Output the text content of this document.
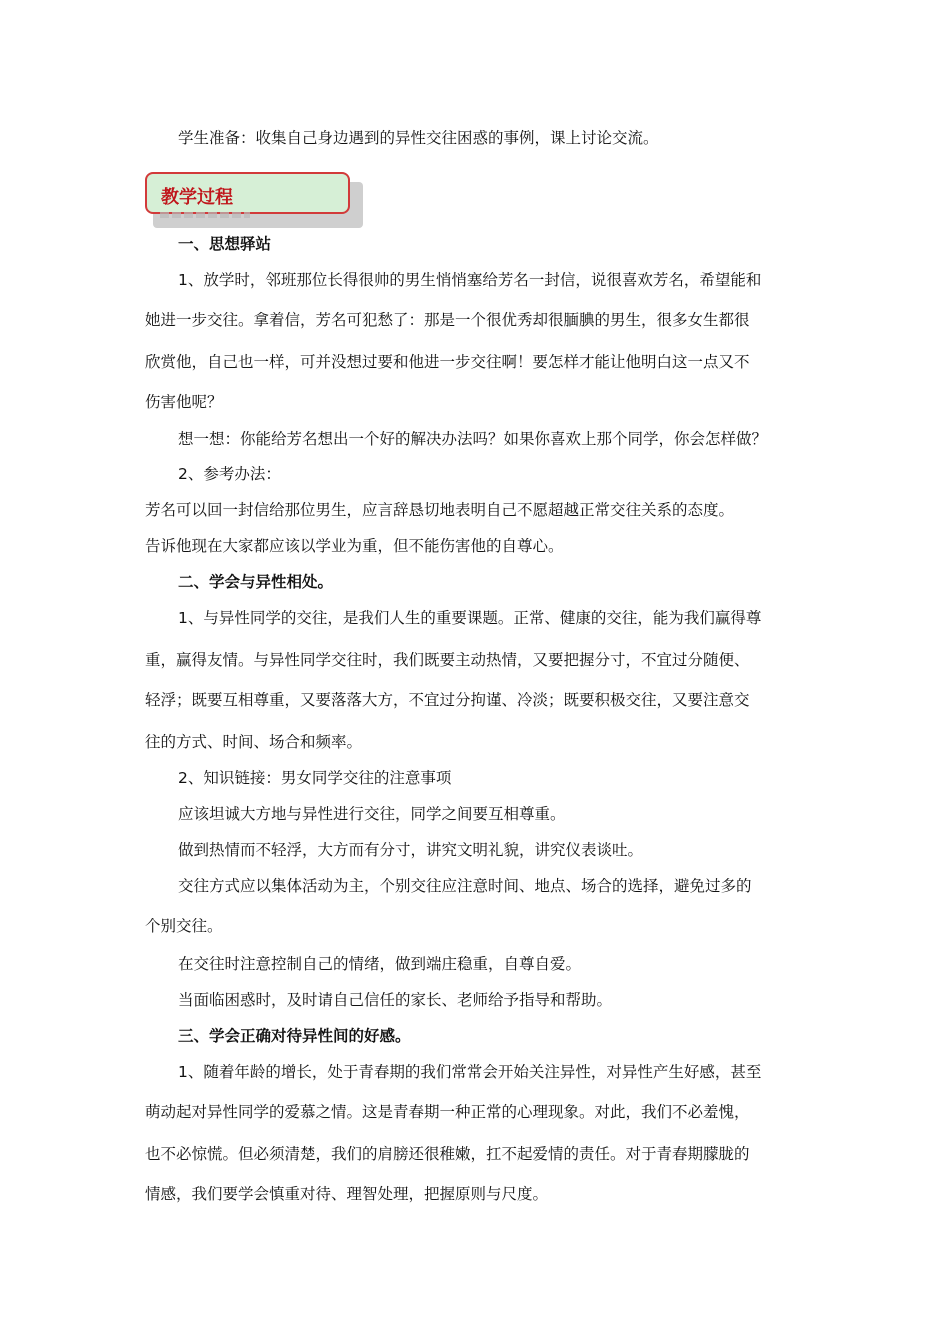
学生准备：收集自己身边遇到的异性交往困惑的事例，课上讨论交流。
教学过程
一、思想驿站
1、放学时，邻班那位长得很帅的男生悄悄塞给芳名一封信，说很喜欢芳名，希望能和
她进一步交往。拿着信，芳名可犯愁了：那是一个很优秀却很腼腆的男生，很多女生都很
欣赏他，自己也一样，可并没想过要和他进一步交往啊！要怎样才能让他明白这一点又不
伤害他呢？
想一想：你能给芳名想出一个好的解决办法吗？如果你喜欢上那个同学，你会怎样做？
2、参考办法：
芳名可以回一封信给那位男生，应言辞恳切地表明自己不愿超越正常交往关系的态度。
告诉他现在大家都应该以学业为重，但不能伤害他的自尊心。
二、学会与异性相处。
1、与异性同学的交往，是我们人生的重要课题。正常、健康的交往，能为我们赢得尊
重，赢得友情。与异性同学交往时，我们既要主动热情，又要把握分寸，不宜过分随便、
轻浮；既要互相尊重，又要落落大方，不宜过分拘谨、冷淡；既要积极交往，又要注意交
往的方式、时间、场合和频率。
2、知识链接：男女同学交往的注意事项
应该坦诚大方地与异性进行交往，同学之间要互相尊重。
做到热情而不轻浮，大方而有分寸，讲究文明礼貌，讲究仪表谈吐。
交往方式应以集体活动为主，个别交往应注意时间、地点、场合的选择，避免过多的
个别交往。
在交往时注意控制自己的情绪，做到端庄稳重，自尊自爱。
当面临困惑时，及时请自己信任的家长、老师给予指导和帮助。
三、学会正确对待异性间的好感。
1、随着年龄的增长，处于青春期的我们常常会开始关注异性，对异性产生好感，甚至
萌动起对异性同学的爱慕之情。这是青春期一种正常的心理现象。对此，我们不必羞愧，
也不必惊慌。但必须清楚，我们的肩膀还很稚嫩，扛不起爱情的责任。对于青春期朦胧的
情感，我们要学会慎重对待、理智处理，把握原则与尺度。
